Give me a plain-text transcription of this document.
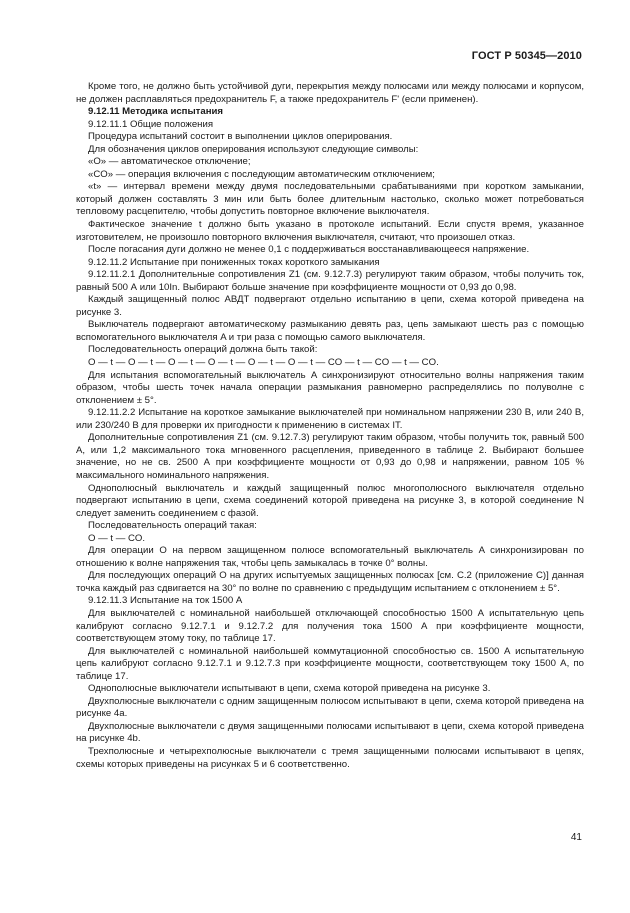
ГОСТ Р 50345—2010

Кроме того, не должно быть устойчивой дуги, перекрытия между полюсами или между полюсами и корпусом, не должен расплавляться предохранитель F, а также предохранитель F' (если применен).

9.12.11 Методика испытания

9.12.11.1 Общие положения

Процедура испытаний состоит в выполнении циклов оперирования.

Для обозначения циклов оперирования используют следующие символы:

«O» — автоматическое отключение;

«CO» — операция включения с последующим автоматическим отключением;

«t» — интервал времени между двумя последовательными срабатываниями при коротком замыкании, который должен составлять 3 мин или быть более длительным настолько, сколько может потребоваться тепловому расцепителю, чтобы допустить повторное включение выключателя.

Фактическое значение t должно быть указано в протоколе испытаний. Если спустя время, указанное изготовителем, не произошло повторного включения выключателя, считают, что произошел отказ.

После погасания дуги должно не менее 0,1 с поддерживаться восстанавливающееся напряжение.

9.12.11.2 Испытание при пониженных токах короткого замыкания

9.12.11.2.1 Дополнительные сопротивления Z1 (см. 9.12.7.3) регулируют таким образом, чтобы получить ток, равный 500 А или 10In. Выбирают больше значение при коэффициенте мощности от 0,93 до 0,98.

Каждый защищенный полюс АВДТ подвергают отдельно испытанию в цепи, схема которой приведена на рисунке 3.

Выключатель подвергают автоматическому размыканию девять раз, цепь замыкают шесть раз с помощью вспомогательного выключателя A и три раза с помощью самого выключателя.

Последовательность операций должна быть такой:

O — t — O — t — O — t — O — t — O — t — O — t — CO — t — CO — t — CO.

Для испытания вспомогательный выключатель A синхронизируют относительно волны напряжения таким образом, чтобы шесть точек начала операции размыкания равномерно распределялись по полуволне с отклонением ± 5°.

9.12.11.2.2 Испытание на короткое замыкание выключателей при номинальном напряжении 230 В, или 240 В, или 230/240 В для проверки их пригодности к применению в системах IT.

Дополнительные сопротивления Z1 (см. 9.12.7.3) регулируют таким образом, чтобы получить ток, равный 500 А, или 1,2 максимального тока мгновенного расцепления, приведенного в таблице 2. Выбирают большее значение, но не св. 2500 А при коэффициенте мощности от 0,93 до 0,98 и напряжении, равном 105 % максимального номинального напряжения.

Однополюсный выключатель и каждый защищенный полюс многополюсного выключателя отдельно подвергают испытанию в цепи, схема соединений которой приведена на рисунке 3, в которой соединение N следует заменить соединением с фазой.

Последовательность операций такая:

O — t — CO.

Для операции O на первом защищенном полюсе вспомогательный выключатель A синхронизирован по отношению к волне напряжения так, чтобы цепь замыкалась в точке 0° волны.

Для последующих операций O на других испытуемых защищенных полюсах [см. С.2 (приложение С)] данная точка каждый раз сдвигается на 30° по волне по сравнению с предыдущим испытанием с отклонением ± 5°.

9.12.11.3 Испытание на ток 1500 А

Для выключателей с номинальной наибольшей отключающей способностью 1500 А испытательную цепь калибруют согласно 9.12.7.1 и 9.12.7.2 для получения тока 1500 А при коэффициенте мощности, соответствующем этому току, по таблице 17.

Для выключателей с номинальной наибольшей коммутационной способностью св. 1500 А испытательную цепь калибруют согласно 9.12.7.1 и 9.12.7.3 при коэффициенте мощности, соответствующем току 1500 А, по таблице 17.

Однополюсные выключатели испытывают в цепи, схема которой приведена на рисунке 3.

Двухполюсные выключатели с одним защищенным полюсом испытывают в цепи, схема которой приведена на рисунке 4a.

Двухполюсные выключатели с двумя защищенными полюсами испытывают в цепи, схема которой приведена на рисунке 4b.

Трехполюсные и четырехполюсные выключатели с тремя защищенными полюсами испытывают в цепях, схемы которых приведены на рисунках 5 и 6 соответственно.

41
